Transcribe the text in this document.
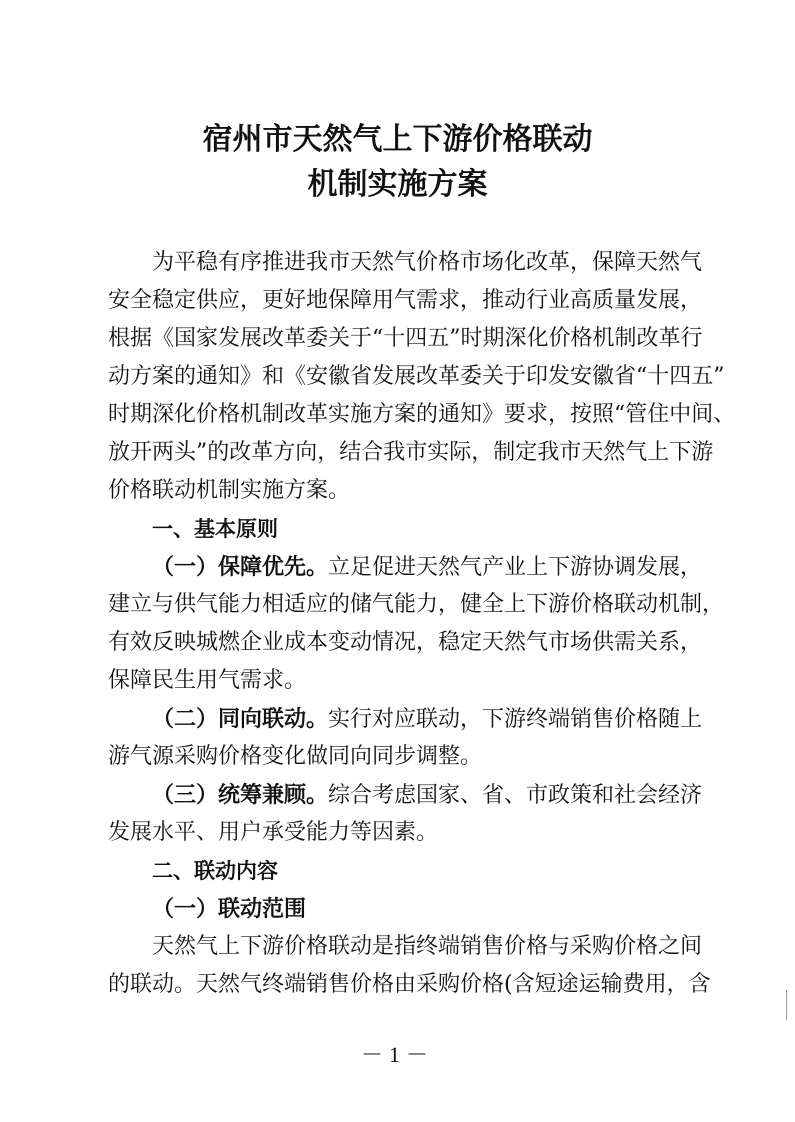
宿州市天然气上下游价格联动
机制实施方案
为平稳有序推进我市天然气价格市场化改革，保障天然气
安全稳定供应，更好地保障用气需求，推动行业高质量发展，
根据《国家发展改革委关于“十四五”时期深化价格机制改革行
动方案的通知》和《安徽省发展改革委关于印发安徽省“十四五”
时期深化价格机制改革实施方案的通知》要求，按照“管住中间、
放开两头”的改革方向，结合我市实际，制定我市天然气上下游
价格联动机制实施方案。
一、基本原则
（一）保障优先。立足促进天然气产业上下游协调发展，
建立与供气能力相适应的储气能力，健全上下游价格联动机制，
有效反映城燃企业成本变动情况，稳定天然气市场供需关系，
保障民生用气需求。
（二）同向联动。实行对应联动，下游终端销售价格随上
游气源采购价格变化做同向同步调整。
（三）统筹兼顾。综合考虑国家、省、市政策和社会经济
发展水平、用户承受能力等因素。
二、联动内容
（一）联动范围
天然气上下游价格联动是指终端销售价格与采购价格之间
的联动。天然气终端销售价格由采购价格(含短途运输费用，含
－1－
